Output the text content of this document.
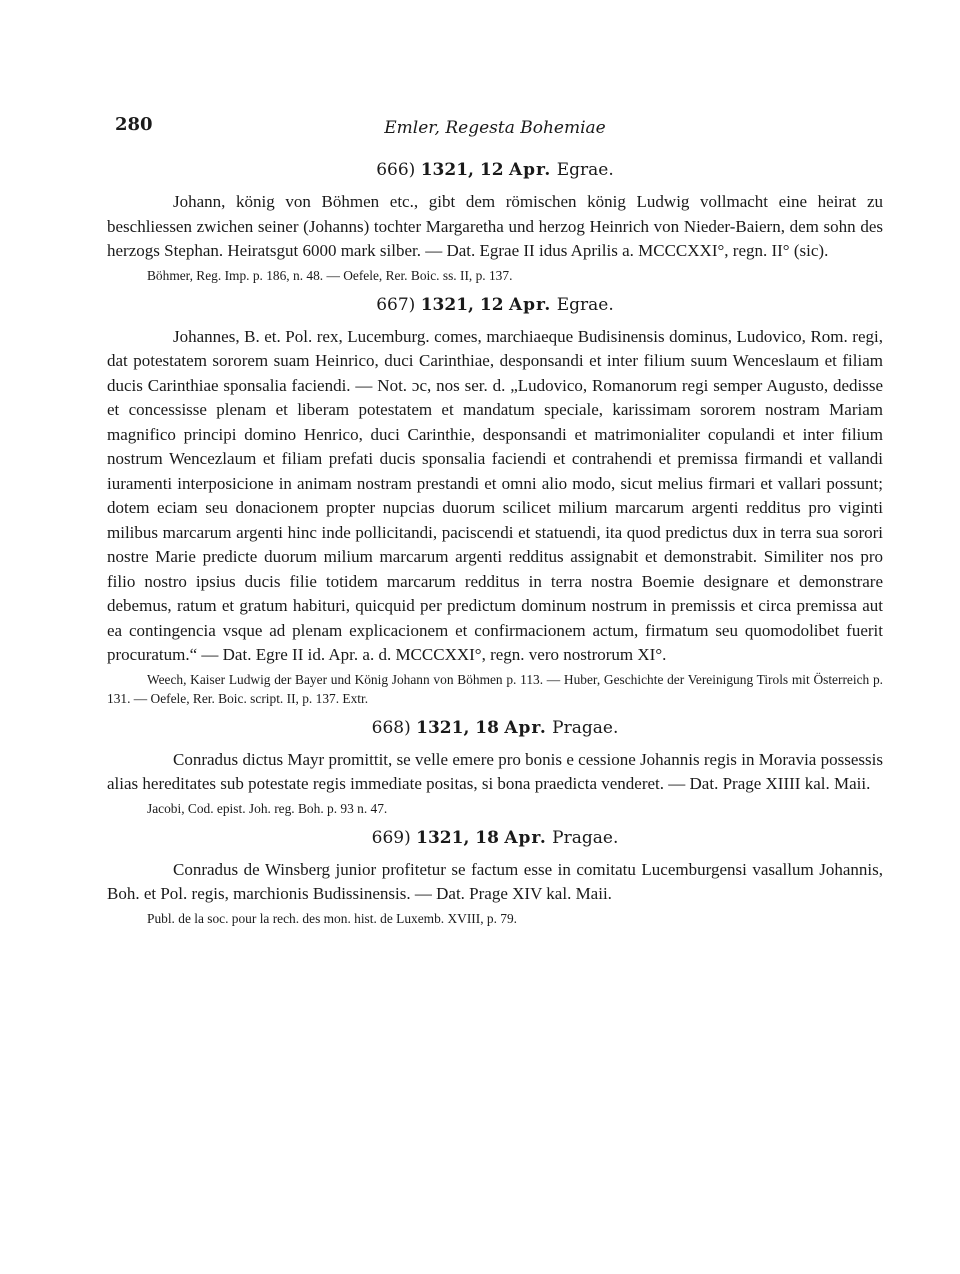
280	Emler, Regesta Bohemiae
666) 1321, 12 Apr. Egrae.

Johann, könig von Böhmen etc., gibt dem römischen könig Ludwig vollmacht eine heirat zu beschliessen zwichen seiner (Johanns) tochter Margaretha und herzog Heinrich von Nieder-Baiern, dem sohn des herzogs Stephan. Heiratsgut 6000 mark silber. — Dat. Egrae II idus Aprilis a. MCCCXXI°, regn. II° (sic).

Böhmer, Reg. Imp. p. 186, n. 48. — Oefele, Rer. Boic. ss. II, p. 137.

667) 1321, 12 Apr. Egrae.

Johannes, B. et. Pol. rex, Lucemburg. comes, marchiaeque Budisinensis dominus, Ludovico, Rom. regi, dat potestatem sororem suam Heinrico, duci Carinthiae, desponsandi et inter filium suum Wenceslaum et filiam ducis Carinthiae sponsalia faciendi. — Not. ɔc, nos ser. d. „Ludovico, Romanorum regi semper Augusto, dedisse et concessisse plenam et liberam potestatem et mandatum speciale, karissimam sororem nostram Mariam magnifico principi domino Henrico, duci Carinthie, desponsandi et matrimonialiter copulandi et inter filium nostrum Wencezlaum et filiam prefati ducis sponsalia faciendi et contrahendi et premissa firmandi et vallandi iuramenti interposicione in animam nostram prestandi et omni alio modo, sicut melius firmari et vallari possunt; dotem eciam seu donacionem propter nupcias duorum scilicet milium marcarum argenti redditus pro viginti milibus marcarum argenti hinc inde pollicitandi, paciscendi et statuendi, ita quod predictus dux in terra sua sorori nostre Marie predicte duorum milium marcarum argenti redditus assignabit et demonstrabit. Similiter nos pro filio nostro ipsius ducis filie totidem marcarum redditus in terra nostra Boemie designare et demonstrare debemus, ratum et gratum habituri, quicquid per predictum dominum nostrum in premissis et circa premissa aut ea contingencia vsque ad plenam explicacionem et confirmacionem actum, firmatum seu quomodolibet fuerit procuratum.“ — Dat. Egre II id. Apr. a. d. MCCCXXI°, regn. vero nostrorum XI°.

Weech, Kaiser Ludwig der Bayer und König Johann von Böhmen p. 113. — Huber, Geschichte der Vereinigung Tirols mit Österreich p. 131. — Oefele, Rer. Boic. script. II, p. 137. Extr.

668) 1321, 18 Apr. Pragae.

Conradus dictus Mayr promittit, se velle emere pro bonis e cessione Johannis regis in Moravia possessis alias hereditates sub potestate regis immediate positas, si bona praedicta venderet. — Dat. Prage XIIII kal. Maii.

Jacobi, Cod. epist. Joh. reg. Boh. p. 93 n. 47.

669) 1321, 18 Apr. Pragae.

Conradus de Winsberg junior profitetur se factum esse in comitatu Lucemburgensi vasallum Johannis, Boh. et Pol. regis, marchionis Budissinensis. — Dat. Prage XIV kal. Maii.

Publ. de la soc. pour la rech. des mon. hist. de Luxemb. XVIII, p. 79.
